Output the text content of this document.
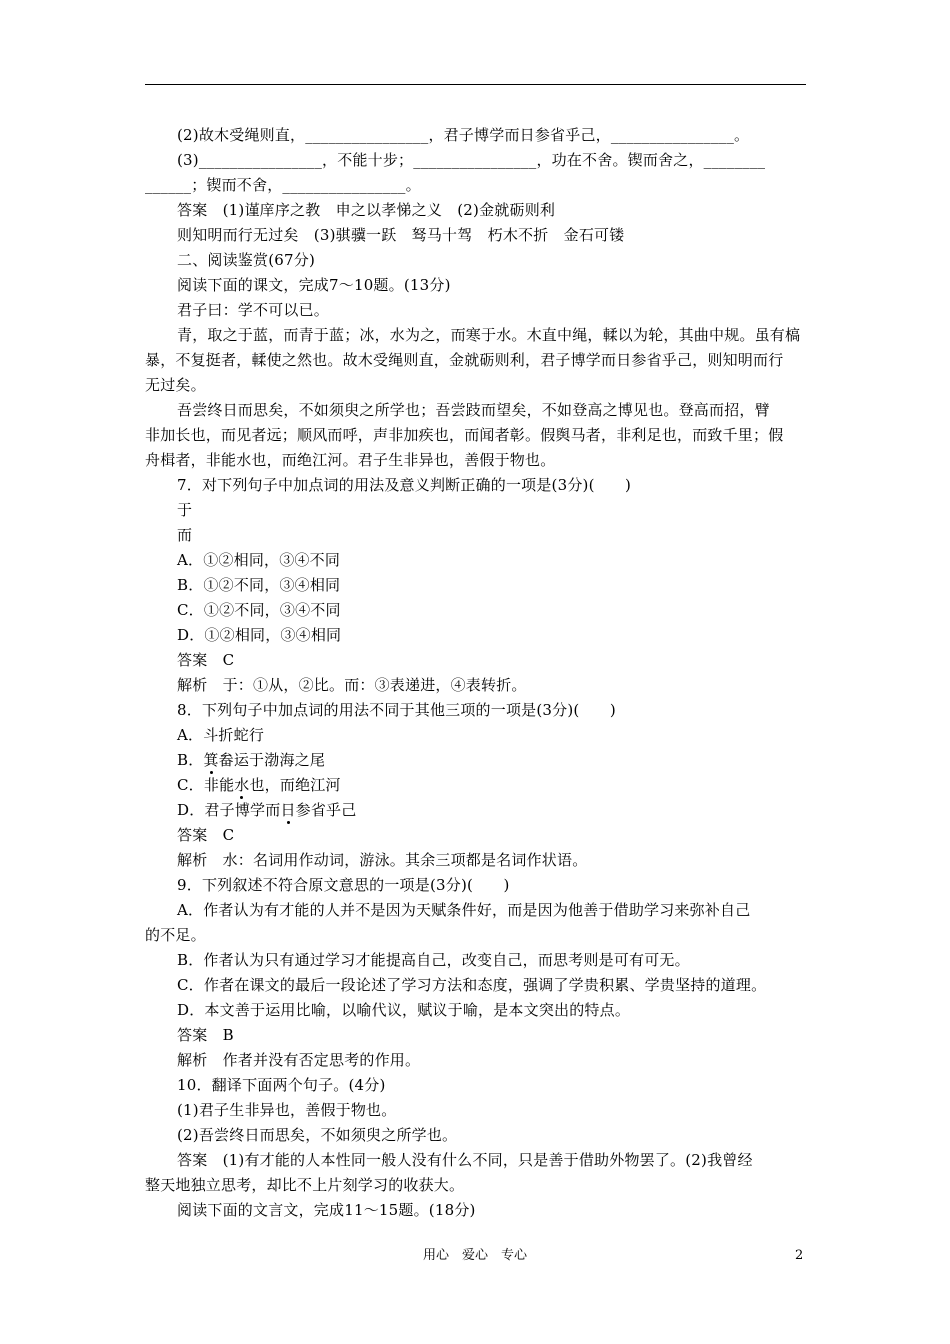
(2)故木受绳则直，________________，君子博学而日参省乎己，________________。
(3)________________，不能十步；________________，功在不舍。锲而舍之，________
______；锲而不舍，________________。
答案　(1)谨庠序之教　申之以孝悌之义　(2)金就砺则利
则知明而行无过矣　(3)骐骥一跃　驽马十驾　朽木不折　金石可镂
二、阅读鉴赏(67分)
阅读下面的课文，完成7～10题。(13分)
君子曰：学不可以已。
青，取之于蓝，而青于蓝；冰，水为之，而寒于水。木直中绳，輮以为轮，其曲中规。虽有槁
暴，不复挺者，輮使之然也。故木受绳则直，金就砺则利，君子博学而日参省乎己，则知明而行
无过矣。
吾尝终日而思矣，不如须臾之所学也；吾尝跂而望矣，不如登高之博见也。登高而招，臂
非加长也，而见者远；顺风而呼，声非加疾也，而闻者彰。假舆马者，非利足也，而致千里；假
舟楫者，非能水也，而绝江河。君子生非异也，善假于物也。
7．对下列句子中加点词的用法及意义判断正确的一项是(3分)(　　)
于
而
A．①②相同，③④不同
B．①②不同，③④相同
C．①②不同，③④不同
D．①②相同，③④相同
答案　C
解析　于：①从，②比。而：③表递进，④表转折。
8．下列句子中加点词的用法不同于其他三项的一项是(3分)(　　)
A．斗折蛇行
B．箕畚运于渤海之尾
C．非能水也，而绝江河
D．君子博学而日参省乎己
答案　C
解析　水：名词用作动词，游泳。其余三项都是名词作状语。
9．下列叙述不符合原文意思的一项是(3分)(　　)
A．作者认为有才能的人并不是因为天赋条件好，而是因为他善于借助学习来弥补自己
的不足。
B．作者认为只有通过学习才能提高自己，改变自己，而思考则是可有可无。
C．作者在课文的最后一段论述了学习方法和态度，强调了学贵积累、学贵坚持的道理。
D．本文善于运用比喻，以喻代议，赋议于喻，是本文突出的特点。
答案　B
解析　作者并没有否定思考的作用。
10．翻译下面两个句子。(4分)
(1)君子生非异也，善假于物也。
(2)吾尝终日而思矣，不如须臾之所学也。
答案　(1)有才能的人本性同一般人没有什么不同，只是善于借助外物罢了。(2)我曾经
整天地独立思考，却比不上片刻学习的收获大。
阅读下面的文言文，完成11～15题。(18分)
用心　爱心　专心	2
